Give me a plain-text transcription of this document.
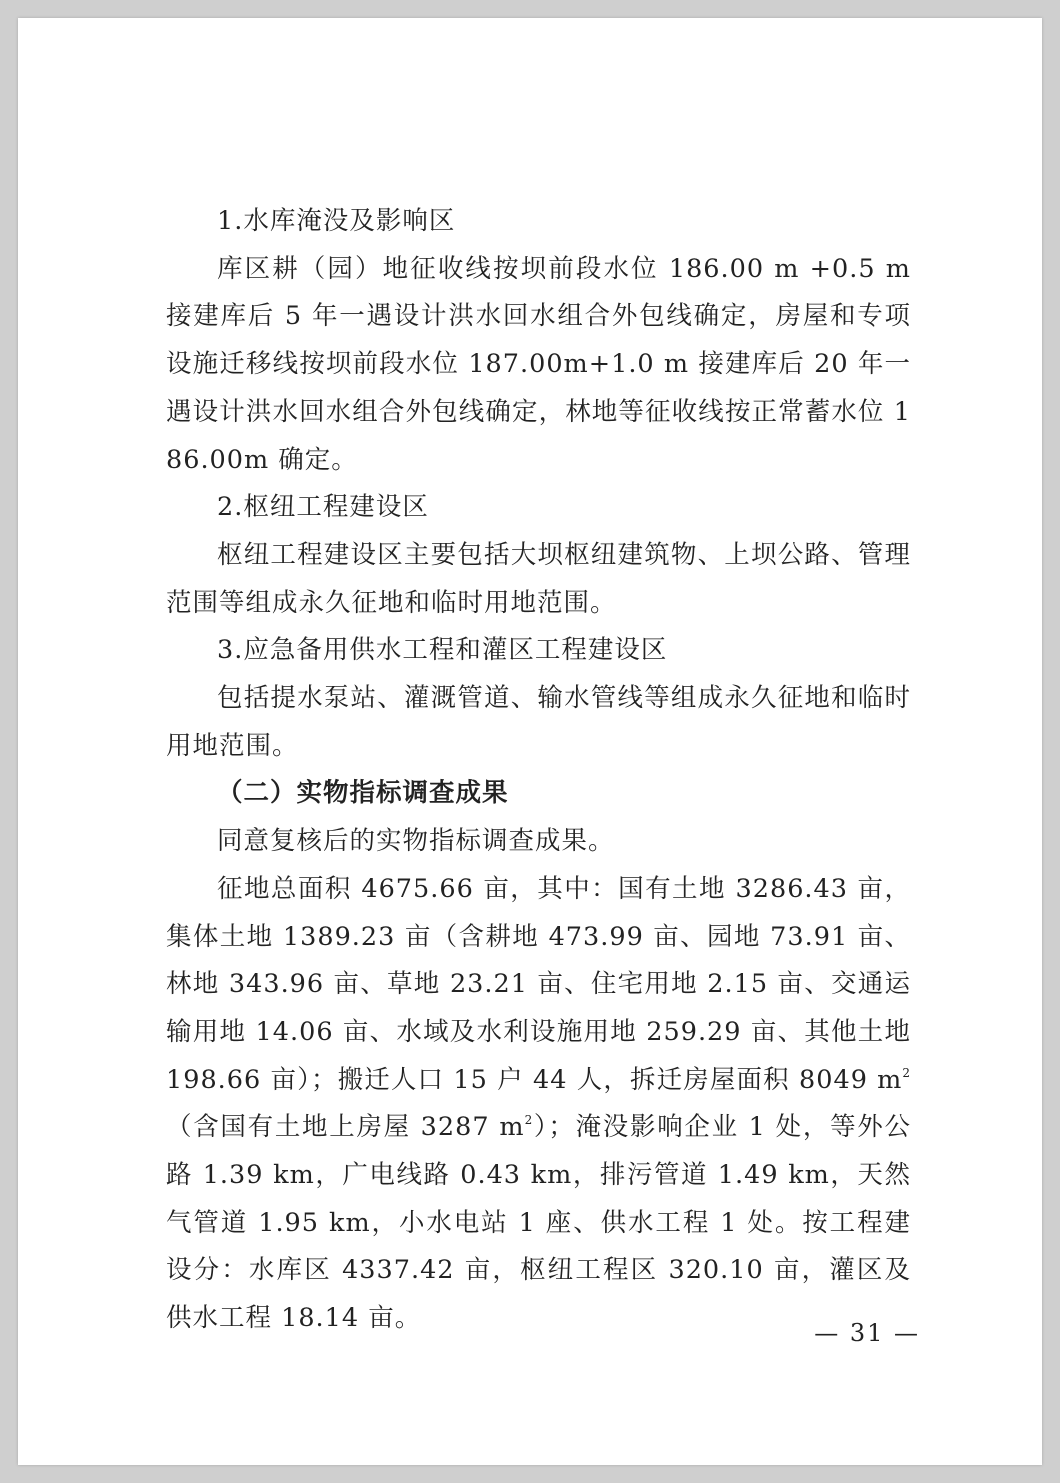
1.水库淹没及影响区

库区耕（园）地征收线按坝前段水位 186.00 m +0.5 m 接建库后 5 年一遇设计洪水回水组合外包线确定，房屋和专项设施迁移线按坝前段水位 187.00m+1.0 m 接建库后 20 年一遇设计洪水回水组合外包线确定，林地等征收线按正常蓄水位 186.00m 确定。

2.枢纽工程建设区

枢纽工程建设区主要包括大坝枢纽建筑物、上坝公路、管理范围等组成永久征地和临时用地范围。

3.应急备用供水工程和灌区工程建设区

包括提水泵站、灌溉管道、输水管线等组成永久征地和临时用地范围。

（二）实物指标调查成果

同意复核后的实物指标调查成果。

征地总面积 4675.66 亩，其中：国有土地 3286.43 亩，集体土地 1389.23 亩（含耕地 473.99 亩、园地 73.91 亩、林地 343.96 亩、草地 23.21 亩、住宅用地 2.15 亩、交通运输用地 14.06 亩、水域及水利设施用地 259.29 亩、其他土地 198.66 亩）；搬迁人口 15 户 44 人，拆迁房屋面积 8049 $m^2$（含国有土地上房屋 3287 $m^2$）；淹没影响企业 1 处，等外公路 1.39 km，广电线路 0.43 km，排污管道 1.49 km，天然气管道 1.95 km，小水电站 1 座、供水工程 1 处。按工程建设分：水库区 4337.42 亩，枢纽工程区 320.10 亩，灌区及供水工程 18.14 亩。	— 31 —
